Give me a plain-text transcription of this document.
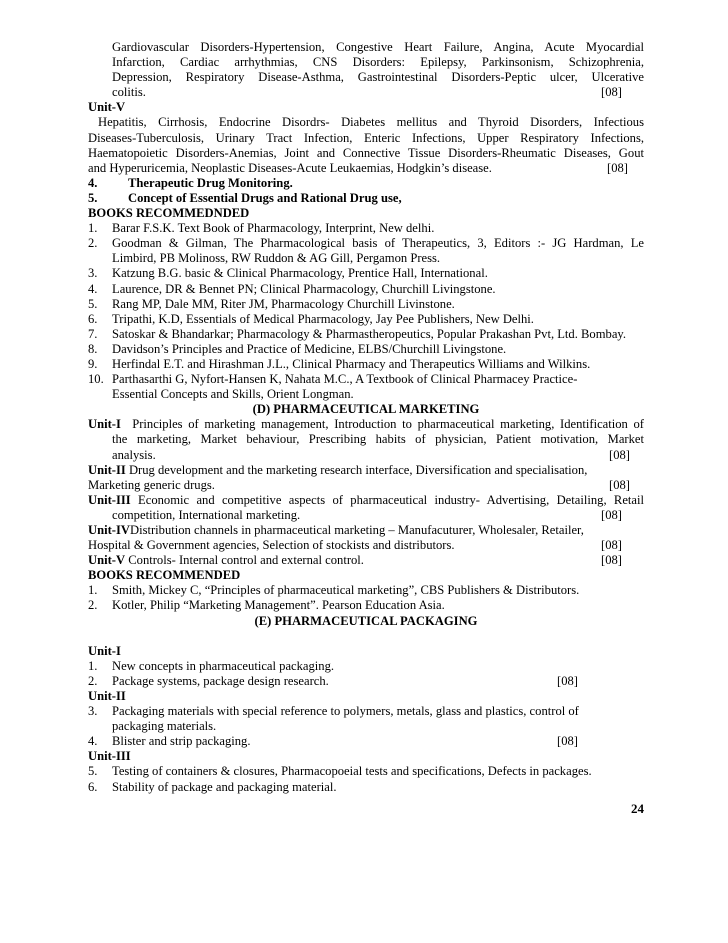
Gardiovascular Disorders-Hypertension, Congestive Heart Failure, Angina, Acute Myocardial
Infarction, Cardiac arrhythmias, CNS Disorders: Epilepsy, Parkinsonism, Schizophrenia,
Depression, Respiratory Disease-Asthma, Gastrointestinal Disorders-Peptic ulcer, Ulcerative
colitis.	[08]
Unit-V
Hepatitis, Cirrhosis, Endocrine Disordrs- Diabetes mellitus and Thyroid Disorders, Infectious
Diseases-Tuberculosis, Urinary Tract Infection, Enteric Infections, Upper Respiratory Infections,
Haematopoietic Disorders-Anemias, Joint and Connective Tissue Disorders-Rheumatic Diseases, Gout
and Hyperuricemia, Neoplastic Diseases-Acute Leukaemias, Hodgkin’s disease.	[08]
4. Therapeutic Drug Monitoring.
5. Concept of Essential Drugs and Rational Drug use,
BOOKS RECOMMEDNDED
1. Barar F.S.K. Text Book of Pharmacology, Interprint, New delhi.
2. Goodman & Gilman, The Pharmacological basis of Therapeutics, 3, Editors :- JG Hardman, Le
Limbird, PB Molinoss, RW Ruddon & AG Gill, Pergamon Press.
3. Katzung B.G. basic & Clinical Pharmacology, Prentice Hall, International.
4. Laurence, DR & Bennet PN; Clinical Pharmacology, Churchill Livingstone.
5. Rang MP, Dale MM, Riter JM, Pharmacology Churchill Livinstone.
6. Tripathi, K.D, Essentials of Medical Pharmacology, Jay Pee Publishers, New Delhi.
7. Satoskar & Bhandarkar; Pharmacology & Pharmastheropeutics, Popular Prakashan Pvt, Ltd. Bombay.
8. Davidson’s Principles and Practice of Medicine, ELBS/Churchill Livingstone.
9. Herfindal E.T. and Hirashman J.L., Clinical Pharmacy and Therapeutics Williams and Wilkins.
10. Parthasarthi G, Nyfort-Hansen K, Nahata M.C., A Textbook of Clinical Pharmacey Practice-
Essential Concepts and Skills, Orient Longman.
(D) PHARMACEUTICAL MARKETING
Unit-I Principles of marketing management, Introduction to pharmaceutical marketing, Identification of
the marketing, Market behaviour, Prescribing habits of physician, Patient motivation, Market
analysis.	[08]
Unit-II Drug development and the marketing research interface, Diversification and specialisation,
Marketing generic drugs.	[08]
Unit-III Economic and competitive aspects of pharmaceutical industry- Advertising, Detailing, Retail
competition, International marketing.	[08]
Unit-IVDistribution channels in pharmaceutical marketing – Manufacuturer, Wholesaler, Retailer,
Hospital & Government agencies, Selection of stockists and distributors.	[08]
Unit-V Controls- Internal control and external control.	[08]
BOOKS RECOMMENDED
1. Smith, Mickey C, “Principles of pharmaceutical marketing”, CBS Publishers & Distributors.
2. Kotler, Philip “Marketing Management”. Pearson Education Asia.
(E) PHARMACEUTICAL PACKAGING
Unit-I
1. New concepts in pharmaceutical packaging.
2. Package systems, package design research.	[08]
Unit-II
3. Packaging materials with special reference to polymers, metals, glass and plastics, control of
packaging materials.
4. Blister and strip packaging.	[08]
Unit-III
5. Testing of containers & closures, Pharmacopoeial tests and specifications, Defects in packages.
6. Stability of package and packaging material.
24
